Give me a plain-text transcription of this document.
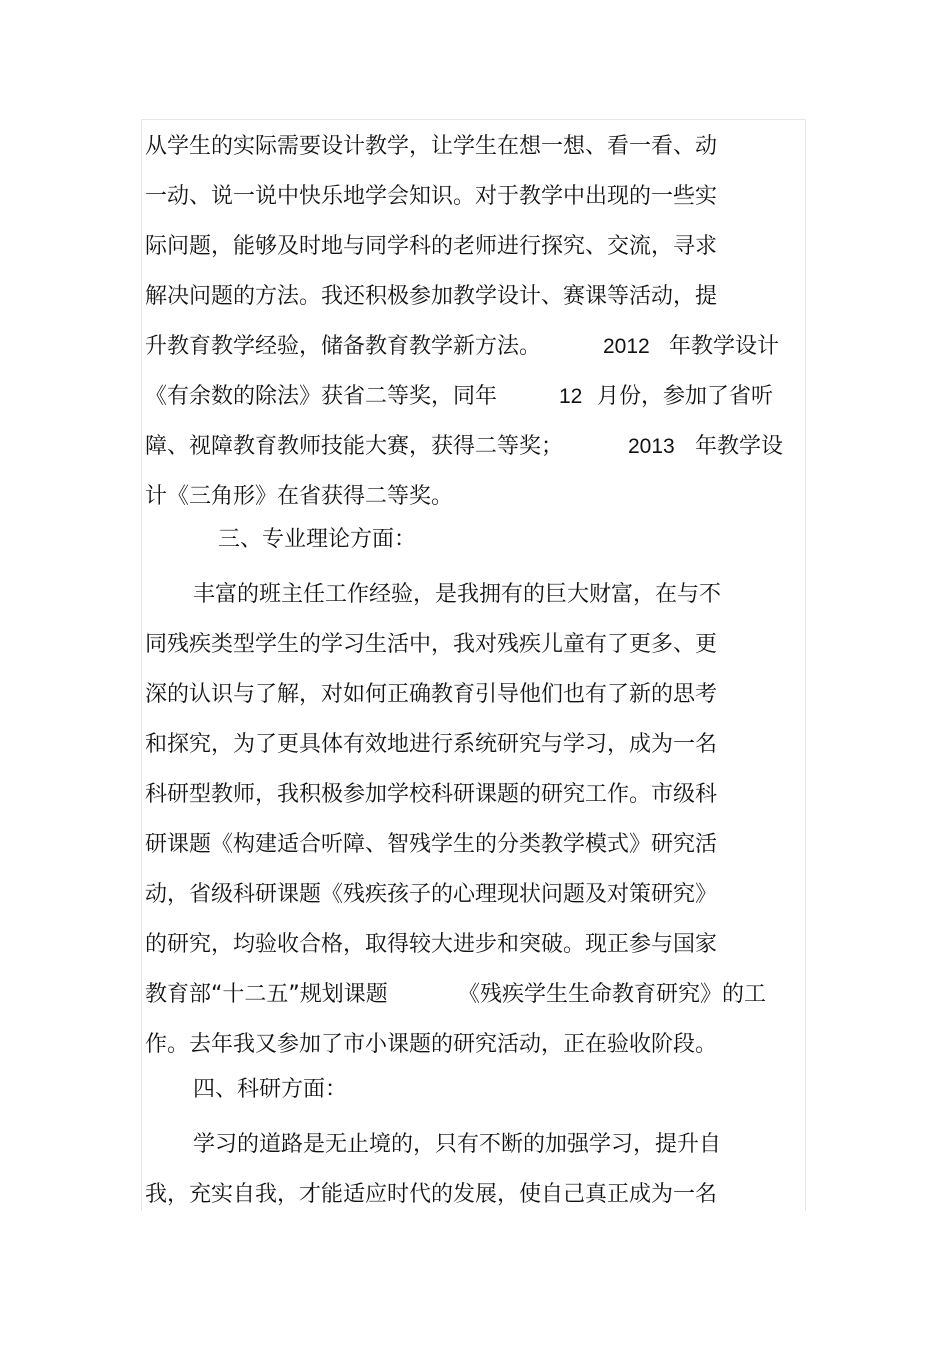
从学生的实际需要设计教学，让学生在想一想、看一看、动
一动、说一说中快乐地学会知识。对于教学中出现的一些实
际问题，能够及时地与同学科的老师进行探究、交流，寻求
解决问题的方法。我还积极参加教学设计、赛课等活动，提
升教育教学经验，储备教育教学新方法。	2012 年教学设计
《有余数的除法》获省二等奖，同年	12 月份，参加了省听
障、视障教育教师技能大赛，获得二等奖；	2013 年教学设
计《三角形》在省获得二等奖。
三、专业理论方面：
丰富的班主任工作经验，是我拥有的巨大财富，在与不
同残疾类型学生的学习生活中，我对残疾儿童有了更多、更
深的认识与了解，对如何正确教育引导他们也有了新的思考
和探究，为了更具体有效地进行系统研究与学习，成为一名
科研型教师，我积极参加学校科研课题的研究工作。市级科
研课题《构建适合听障、智残学生的分类教学模式》研究活
动，省级科研课题《残疾孩子的心理现状问题及对策研究》
的研究，均验收合格，取得较大进步和突破。现正参与国家
教育部“十二五”规划课题	《残疾学生生命教育研究》的工
作。去年我又参加了市小课题的研究活动，正在验收阶段。
四、科研方面：
学习的道路是无止境的，只有不断的加强学习，提升自
我，充实自我，才能适应时代的发展，使自己真正成为一名
